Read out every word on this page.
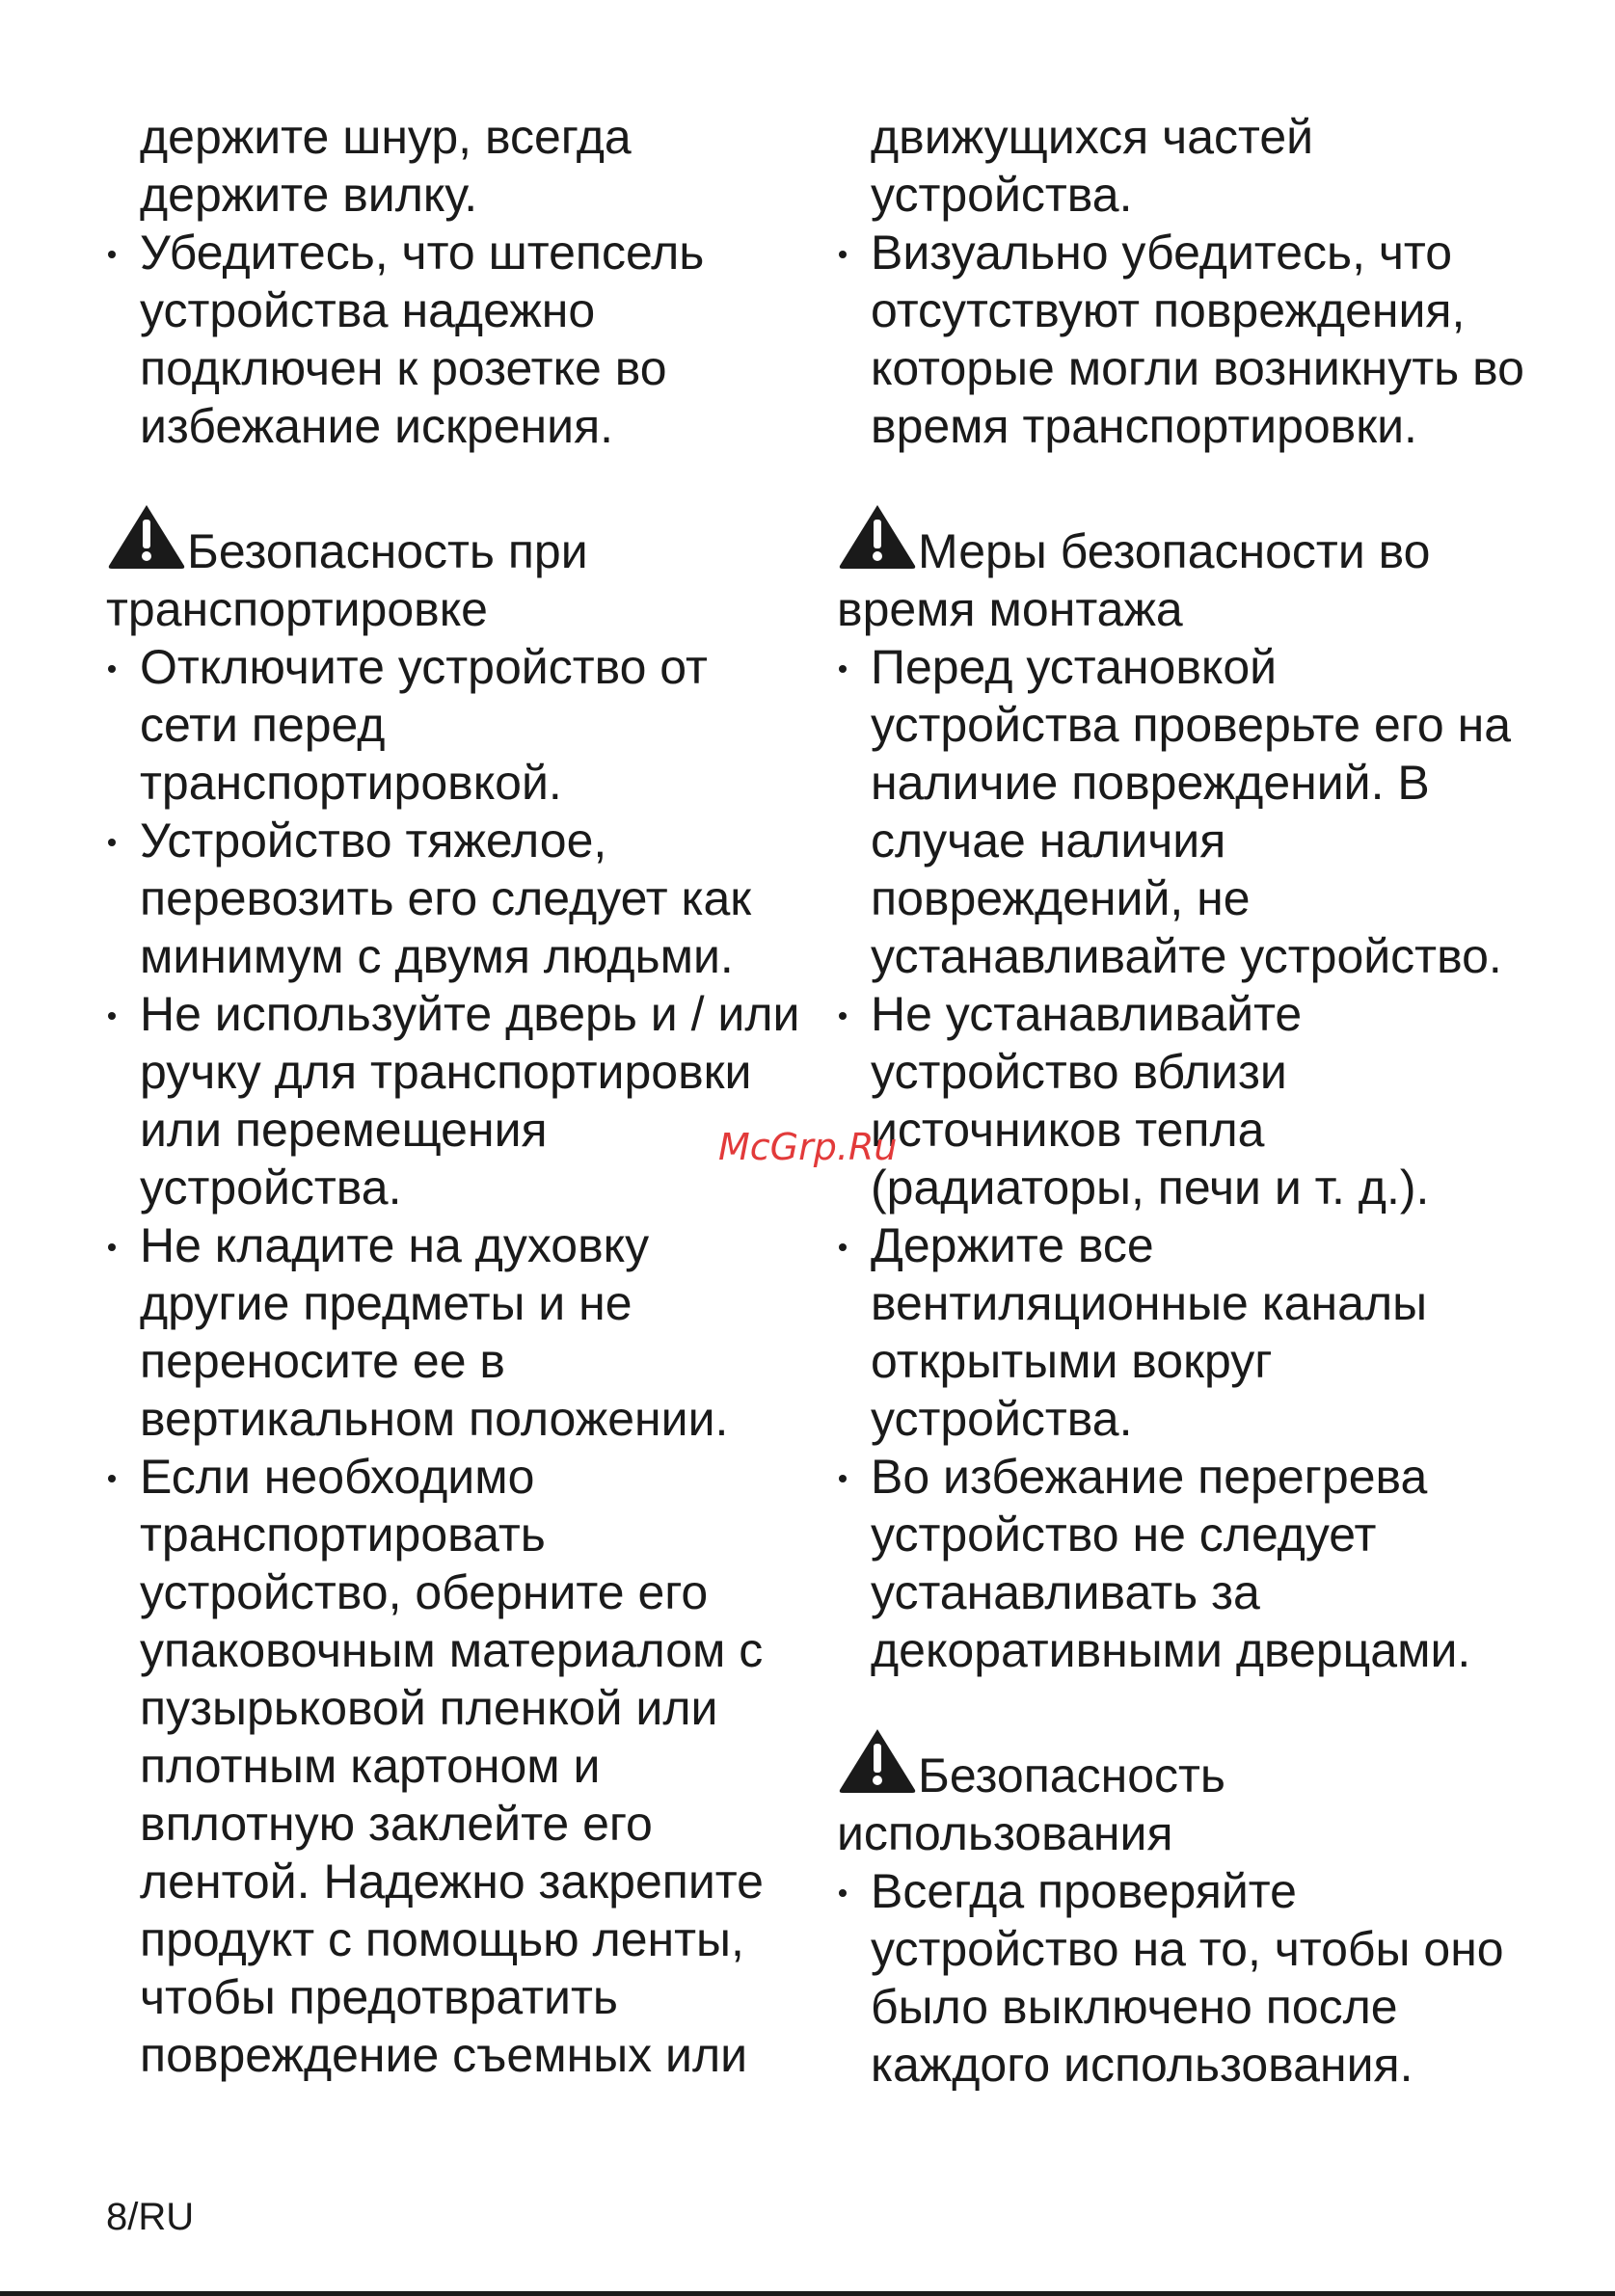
держите шнур, всегда
держите вилку.

Убедитесь, что штепсель устройства надежно подключен к розетке во избежание искрения.
Безопасность при
транспортировке
Отключите устройство от сети перед транспортировкой.
Устройство тяжелое, перевозить его следует как минимум с двумя людьми.
Не используйте дверь и / или ручку для транспортировки или перемещения устройства.
Не кладите на духовку другие предметы и не переносите ее в вертикальном положении.
Если необходимо транспортировать устройство, оберните его упаковочным материалом с пузырьковой пленкой или плотным картоном и вплотную заклейте его лентой. Надежно закрепите продукт с помощью ленты, чтобы предотвратить повреждение съемных или

движущихся частей
устройства.

Визуально убедитесь, что отсутствуют повреждения, которые могли возникнуть во время транспортировки.
Меры безопасности во
время монтажа
Перед установкой устройства проверьте его на наличие повреждений. В случае наличия повреждений, не устанавливайте устройство.
Не устанавливайте устройство вблизи источников тепла (радиаторы, печи и т. д.).
Держите все вентиляционные каналы открытыми вокруг устройства.
Во избежание перегрева устройство не следует устанавливать за декоративными дверцами.
Безопасность
использования
Всегда проверяйте устройство на то, чтобы оно было выключено после каждого использования.
McGrp.Ru
8/RU
